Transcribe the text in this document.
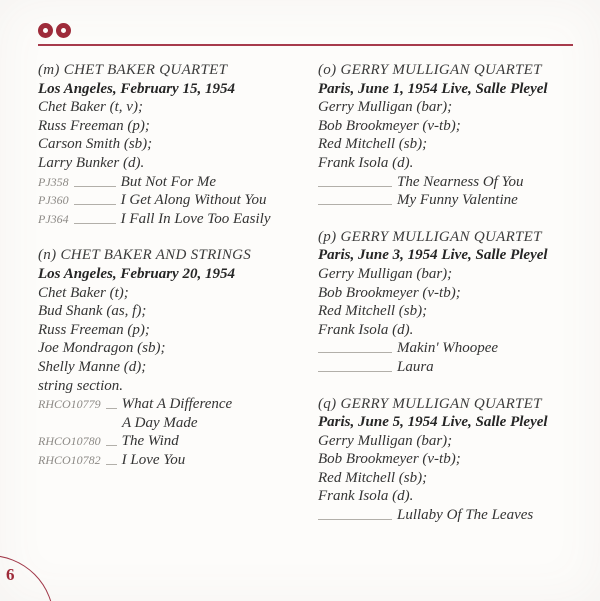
(m) CHET BAKER QUARTET
Los Angeles, February 15, 1954
Chet Baker (t, v);
Russ Freeman (p);
Carson Smith (sb);
Larry Bunker (d).
PJ358	But Not For Me
PJ360	I Get Along Without You
PJ364	I Fall In Love Too Easily
(n) CHET BAKER AND STRINGS
Los Angeles, February 20, 1954
Chet Baker (t);
Bud Shank (as, f);
Russ Freeman (p);
Joe Mondragon (sb);
Shelly Manne (d);
string section.
RHCO10779 What A Difference
A Day Made
RHCO10780 The Wind
RHCO10782 I Love You
(o) GERRY MULLIGAN QUARTET
Paris, June 1, 1954 Live, Salle Pleyel
Gerry Mulligan (bar);
Bob Brookmeyer (v-tb);
Red Mitchell (sb);
Frank Isola (d).
The Nearness Of You
My Funny Valentine
(p) GERRY MULLIGAN QUARTET
Paris, June 3, 1954 Live, Salle Pleyel
Gerry Mulligan (bar);
Bob Brookmeyer (v-tb);
Red Mitchell (sb);
Frank Isola (d).
Makin' Whoopee
Laura
(q) GERRY MULLIGAN QUARTET
Paris, June 5, 1954 Live, Salle Pleyel
Gerry Mulligan (bar);
Bob Brookmeyer (v-tb);
Red Mitchell (sb);
Frank Isola (d).
Lullaby Of The Leaves
6
